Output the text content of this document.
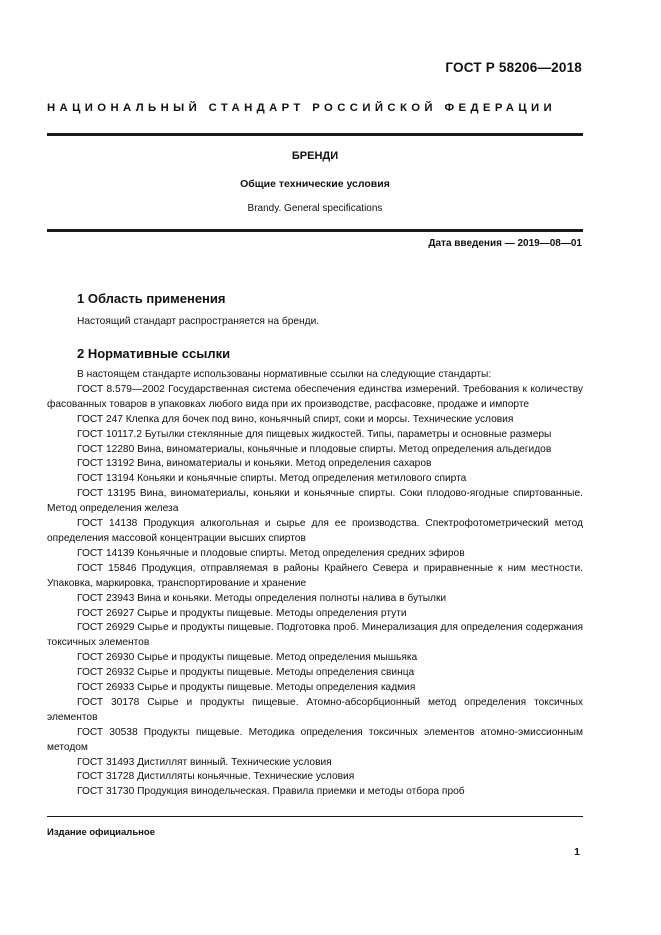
ГОСТ Р 58206—2018
НАЦИОНАЛЬНЫЙ СТАНДАРТ РОССИЙСКОЙ ФЕДЕРАЦИИ
БРЕНДИ
Общие технические условия
Brandy. General specifications
Дата введения — 2019—08—01
1 Область применения

Настоящий стандарт распространяется на бренди.

2 Нормативные ссылки

В настоящем стандарте использованы нормативные ссылки на следующие стандарты:

ГОСТ 8.579—2002 Государственная система обеспечения единства измерений. Требования к количеству фасованных товаров в упаковках любого вида при их производстве, расфасовке, продаже и импорте

ГОСТ 247 Клепка для бочек под вино, коньячный спирт, соки и морсы. Технические условия

ГОСТ 10117.2 Бутылки стеклянные для пищевых жидкостей. Типы, параметры и основные размеры

ГОСТ 12280 Вина, виноматериалы, коньячные и плодовые спирты. Метод определения альдегидов

ГОСТ 13192 Вина, виноматериалы и коньяки. Метод определения сахаров

ГОСТ 13194 Коньяки и коньячные спирты. Метод определения метилового спирта

ГОСТ 13195 Вина, виноматериалы, коньяки и коньячные спирты. Соки плодово-ягодные спиртованные. Метод определения железа

ГОСТ 14138 Продукция алкогольная и сырье для ее производства. Спектрофотометрический метод определения массовой концентрации высших спиртов

ГОСТ 14139 Коньячные и плодовые спирты. Метод определения средних эфиров

ГОСТ 15846 Продукция, отправляемая в районы Крайнего Севера и приравненные к ним местности. Упаковка, маркировка, транспортирование и хранение

ГОСТ 23943 Вина и коньяки. Методы определения полноты налива в бутылки

ГОСТ 26927 Сырье и продукты пищевые. Методы определения ртути

ГОСТ 26929 Сырье и продукты пищевые. Подготовка проб. Минерализация для определения содержания токсичных элементов

ГОСТ 26930 Сырье и продукты пищевые. Метод определения мышьяка

ГОСТ 26932 Сырье и продукты пищевые. Методы определения свинца

ГОСТ 26933 Сырье и продукты пищевые. Методы определения кадмия

ГОСТ 30178 Сырье и продукты пищевые. Атомно-абсорбционный метод определения токсичных элементов

ГОСТ 30538 Продукты пищевые. Методика определения токсичных элементов атомно-эмиссионным методом

ГОСТ 31493 Дистиллят винный. Технические условия

ГОСТ 31728 Дистилляты коньячные. Технические условия

ГОСТ 31730 Продукция винодельческая. Правила приемки и методы отбора проб

Издание официальное
1
